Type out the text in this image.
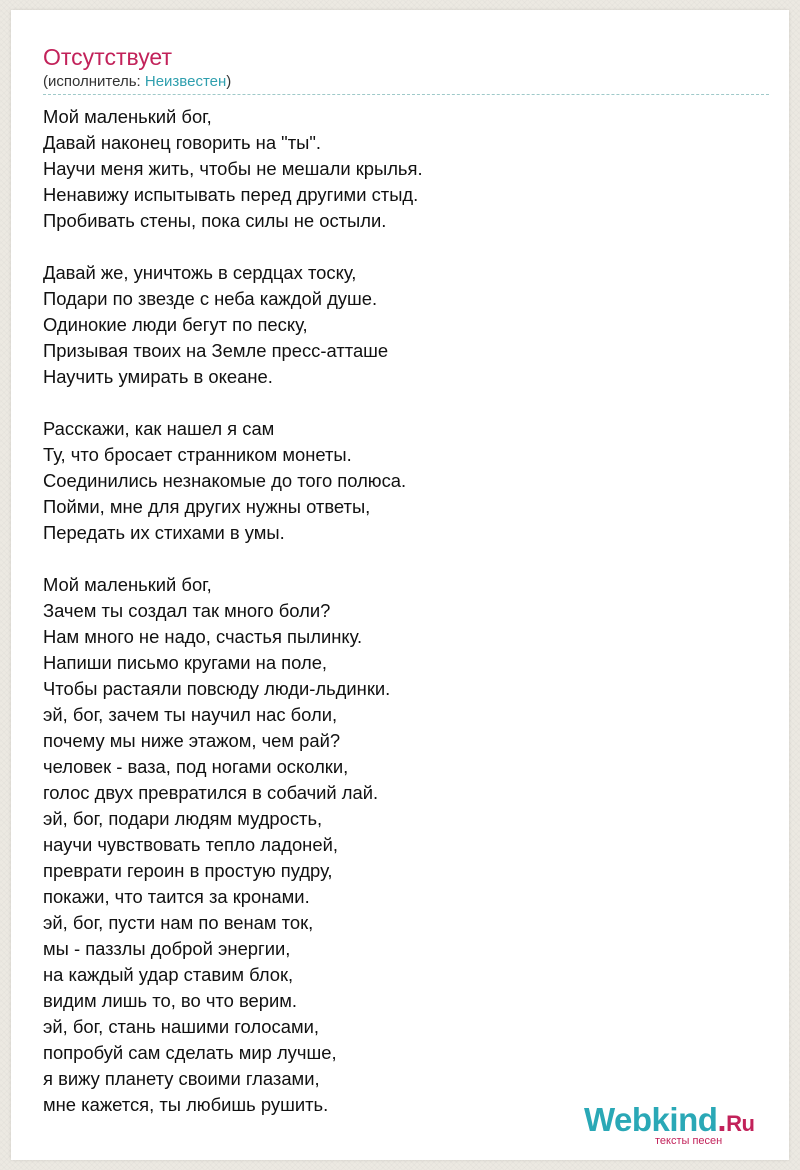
Отсутствует
(исполнитель: Неизвестен)
Мой маленький бог,
Давай наконец говорить на "ты".
Научи меня жить, чтобы не мешали крылья.
Ненавижу испытывать перед другими стыд.
Пробивать стены, пока силы не остыли.
Давай же, уничтожь в сердцах тоску,
Подари по звезде с неба каждой душе.
Одинокие люди бегут по песку,
Призывая твоих на Земле пресс-атташе
Научить умирать в океане.
Расскажи, как нашел я сам
Ту, что бросает странником монеты.
Соединились незнакомые до того полюса.
Пойми, мне для других нужны ответы,
Передать их стихами в умы.
Мой маленький бог,
Зачем ты создал так много боли?
Нам много не надо, счастья пылинку.
Напиши письмо кругами на поле,
Чтобы растаяли повсюду люди-льдинки.
эй, бог, зачем ты научил нас боли,
почему мы ниже этажом, чем рай?
человек - ваза, под ногами осколки,
голос двух превратился в собачий лай.
эй, бог, подари людям мудрость,
научи чувствовать тепло ладоней,
преврати героин в простую пудру,
покажи, что таится за кронами.
эй, бог, пусти нам по венам ток,
мы - паззлы доброй энергии,
на каждый удар ставим блок,
видим лишь то, во что верим.
эй, бог, стань нашими голосами,
попробуй сам сделать мир лучше,
я вижу планету своими глазами,
мне кажется, ты любишь рушить.	Webkind.Ru
тексты песен
